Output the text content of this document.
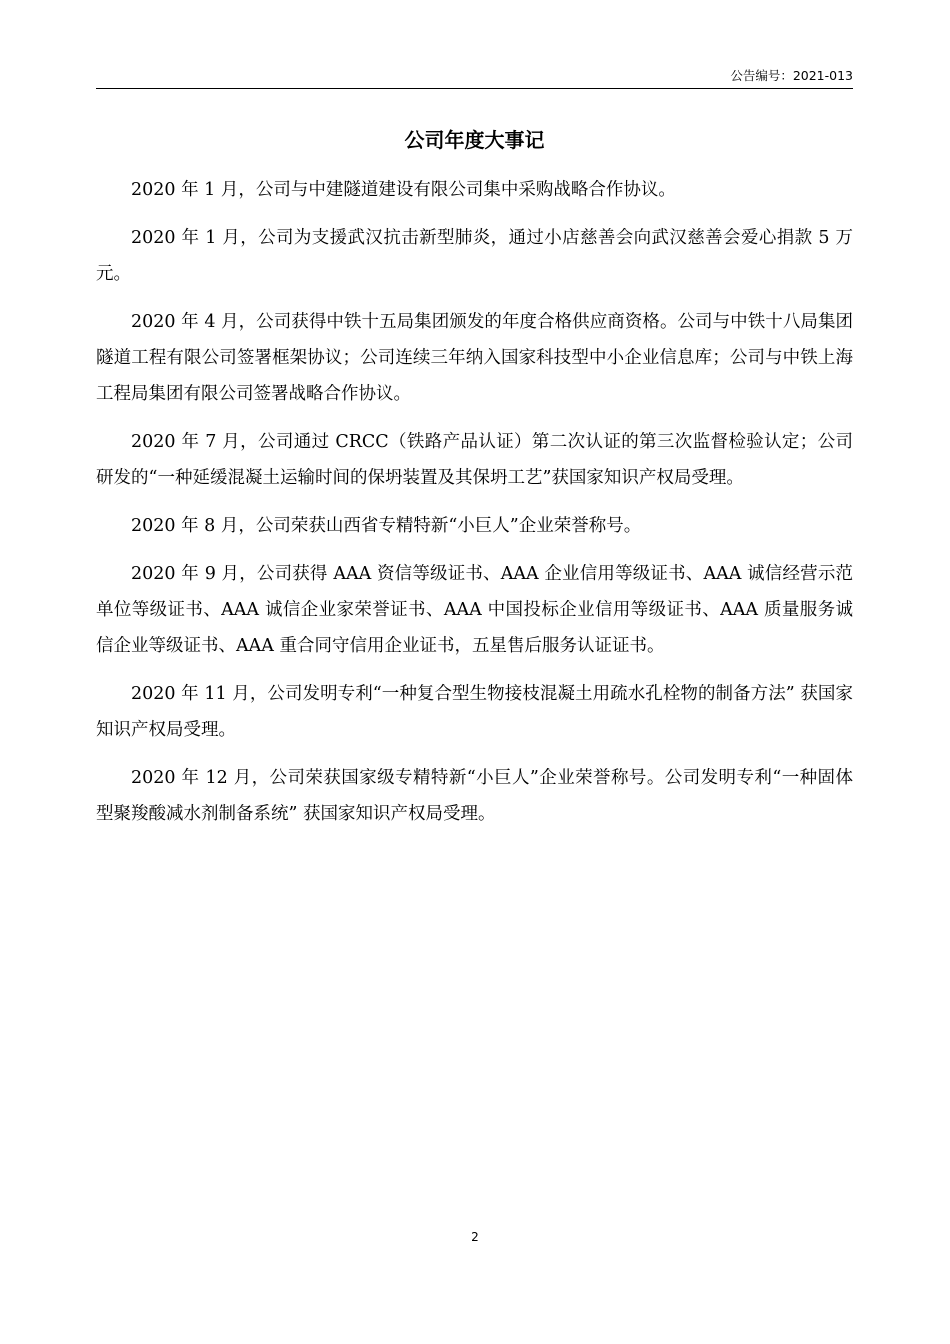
公告编号：2021-013
公司年度大事记

2020 年 1 月，公司与中建隧道建设有限公司集中采购战略合作协议。

2020 年 1 月，公司为支援武汉抗击新型肺炎，通过小店慈善会向武汉慈善会爱心捐款 5 万元。

2020 年 4 月，公司获得中铁十五局集团颁发的年度合格供应商资格。公司与中铁十八局集团隧道工程有限公司签署框架协议；公司连续三年纳入国家科技型中小企业信息库；公司与中铁上海工程局集团有限公司签署战略合作协议。

2020 年 7 月，公司通过 CRCC（铁路产品认证）第二次认证的第三次监督检验认定；公司研发的“一种延缓混凝土运输时间的保坍装置及其保坍工艺”获国家知识产权局受理。

2020 年 8 月，公司荣获山西省专精特新“小巨人”企业荣誉称号。

2020 年 9 月，公司获得 AAA 资信等级证书、AAA 企业信用等级证书、AAA 诚信经营示范单位等级证书、AAA 诚信企业家荣誉证书、AAA 中国投标企业信用等级证书、AAA 质量服务诚信企业等级证书、AAA 重合同守信用企业证书，五星售后服务认证证书。

2020 年 11 月，公司发明专利“一种复合型生物接枝混凝土用疏水孔栓物的制备方法” 获国家知识产权局受理。

2020 年 12 月，公司荣获国家级专精特新“小巨人”企业荣誉称号。公司发明专利“一种固体型聚羧酸减水剂制备系统” 获国家知识产权局受理。

2
